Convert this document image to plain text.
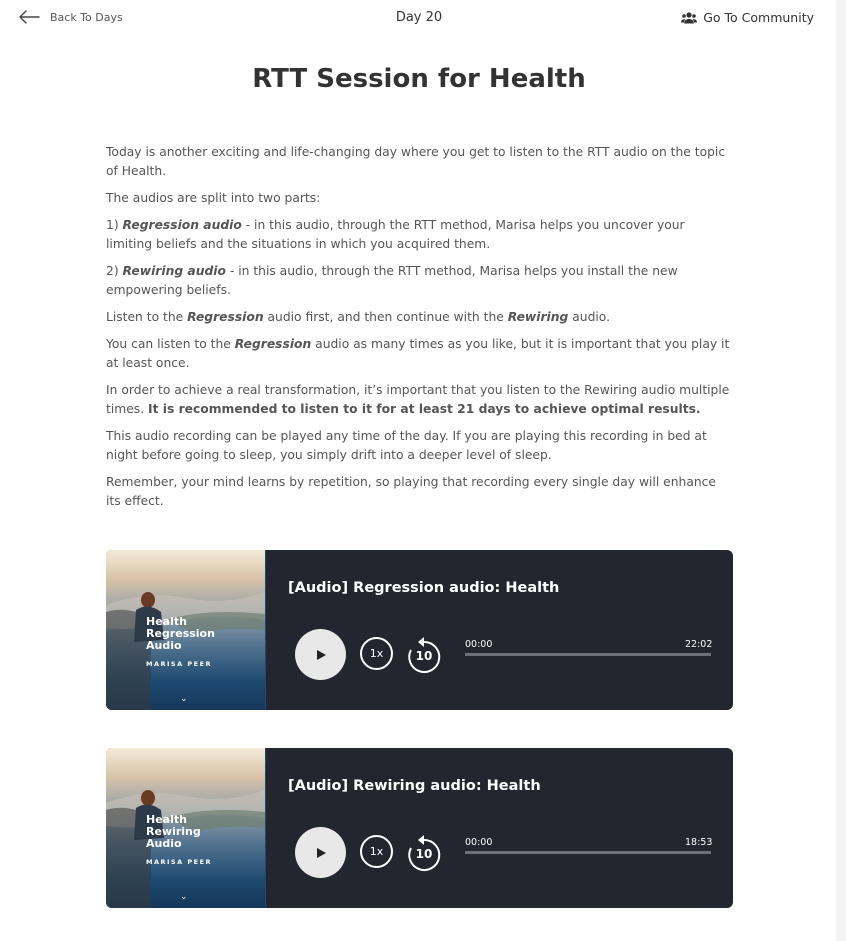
Back To Days	Day 20	Go To Community
RTT Session for Health

Today is another exciting and life-changing day where you get to listen to the RTT audio on the topic of Health.

The audios are split into two parts:

1) Regression audio - in this audio, through the RTT method, Marisa helps you uncover your limiting beliefs and the situations in which you acquired them.

2) Rewiring audio - in this audio, through the RTT method, Marisa helps you install the new empowering beliefs.

Listen to the Regression audio first, and then continue with the Rewiring audio.

You can listen to the Regression audio as many times as you like, but it is important that you play it at least once.

In order to achieve a real transformation, it’s important that you listen to the Rewiring audio multiple times. It is recommended to listen to it for at least 21 days to achieve optimal results.

This audio recording can be played any time of the day. If you are playing this recording in bed at night before going to sleep, you simply drift into a deeper level of sleep.

Remember, your mind learns by repetition, so playing that recording every single day will enhance its effect.

Health
Regression
Audio
MARISA PEER
⌄
[Audio] Regression audio: Health
1x	10
00:00	22:02
Health
Rewiring
Audio
MARISA PEER
⌄
[Audio] Rewiring audio: Health
1x	10
00:00	18:53
